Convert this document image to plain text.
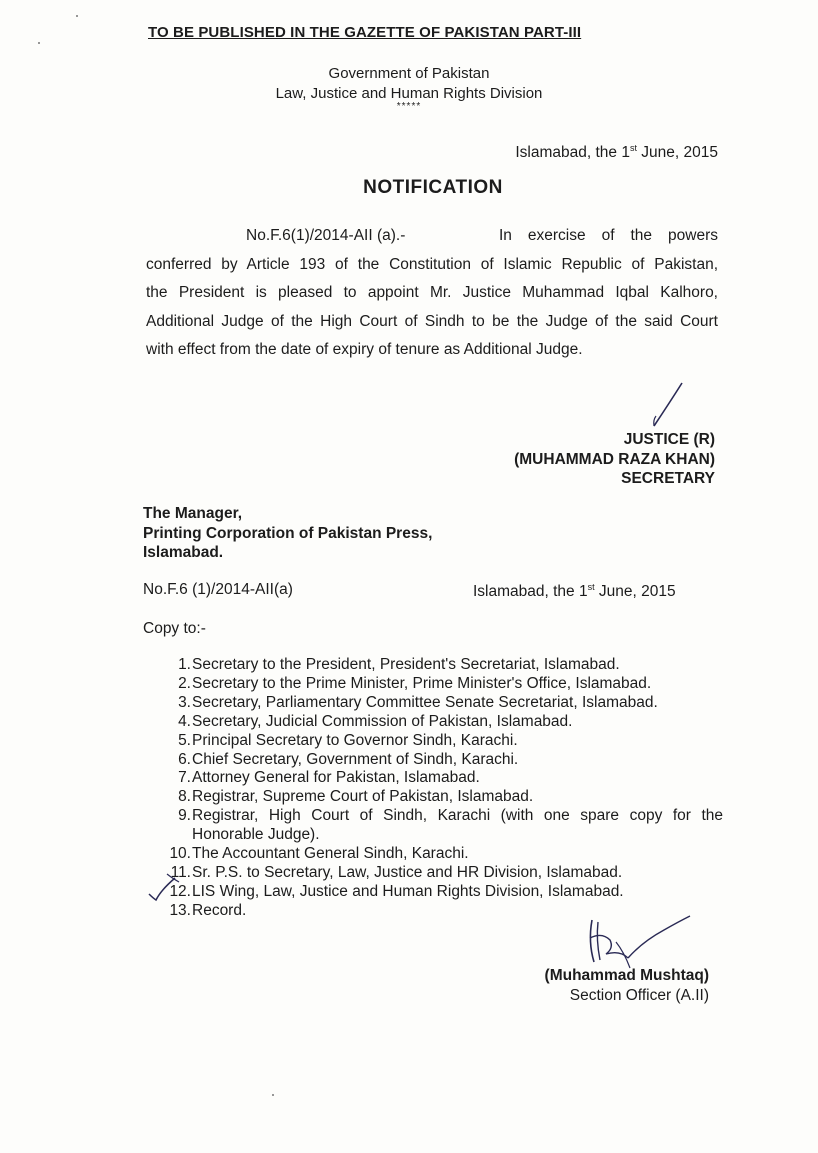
TO BE PUBLISHED IN THE GAZETTE OF PAKISTAN PART-III
Government of Pakistan
Law, Justice and Human Rights Division
*****
Islamabad, the 1st June, 2015
NOTIFICATION
No.F.6(1)/2014-AII (a).-	In exercise of the powers
conferred by Article 193 of the Constitution of Islamic Republic of Pakistan,
the President is pleased to appoint Mr. Justice Muhammad Iqbal Kalhoro,
Additional Judge of the High Court of Sindh to be the Judge of the said Court
with effect from the date of expiry of tenure as Additional Judge.
JUSTICE (R)
(MUHAMMAD RAZA KHAN)
SECRETARY
The Manager,
Printing Corporation of Pakistan Press,
Islamabad.
No.F.6 (1)/2014-AII(a)	Islamabad, the 1st June, 2015
Copy to:-
1. Secretary to the President, President's Secretariat, Islamabad.
2. Secretary to the Prime Minister, Prime Minister's Office, Islamabad.
3. Secretary, Parliamentary Committee Senate Secretariat, Islamabad.
4. Secretary, Judicial Commission of Pakistan, Islamabad.
5. Principal Secretary to Governor Sindh, Karachi.
6. Chief Secretary, Government of Sindh, Karachi.
7. Attorney General for Pakistan, Islamabad.
8. Registrar, Supreme Court of Pakistan, Islamabad.
9. Registrar, High Court of Sindh, Karachi (with one spare copy for the Honorable Judge).
10. The Accountant General Sindh, Karachi.
11. Sr. P.S. to Secretary, Law, Justice and HR Division, Islamabad.
12. LIS Wing, Law, Justice and Human Rights Division, Islamabad.
13. Record.
(Muhammad Mushtaq)
Section Officer (A.II)
